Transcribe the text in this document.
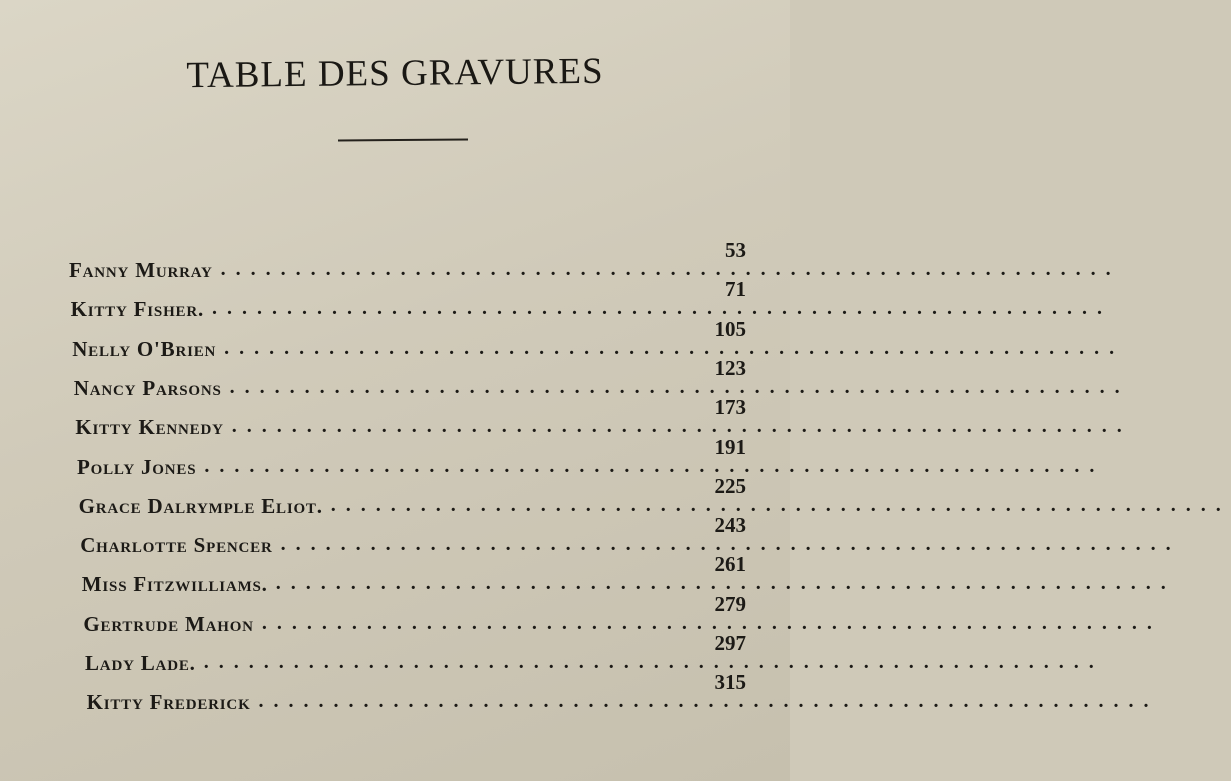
TABLE DES GRAVURES
Fanny Murray ............................................................
53
Kitty Fisher. ............................................................
71
Nelly O'Brien ............................................................
105
Nancy Parsons ............................................................
123
Kitty Kennedy ............................................................
173
Polly Jones ............................................................
191
Grace Dalrymple Eliot. ............................................................
225
Charlotte Spencer ............................................................
243
Miss Fitzwilliams. ............................................................
261
Gertrude Mahon ............................................................
279
Lady Lade. ............................................................
297
Kitty Frederick ............................................................
315
